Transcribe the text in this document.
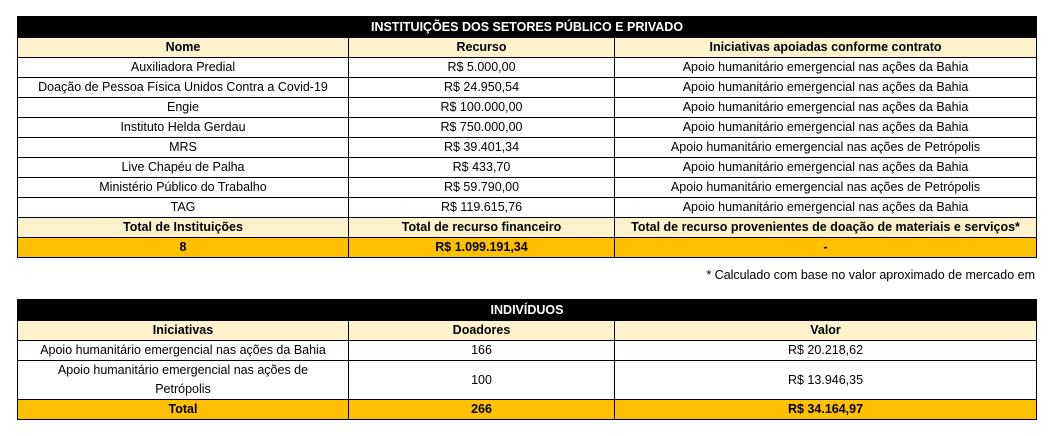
INSTITUIÇÕES DOS SETORES PÚBLICO E PRIVADO		
Nome	Recurso	Iniciativas apoiadas conforme contrato
Auxiliadora Predial	R$ 5.000,00	Apoio humanitário emergencial nas ações da Bahia
Doação de Pessoa Física Unidos Contra a Covid-19	R$ 24.950,54	Apoio humanitário emergencial nas ações da Bahia
Engie	R$ 100.000,00	Apoio humanitário emergencial nas ações da Bahia
Instituto Helda Gerdau	R$ 750.000,00	Apoio humanitário emergencial nas ações da Bahia
MRS	R$ 39.401,34	Apoio humanitário emergencial nas ações de Petrópolis
Live Chapéu de Palha	R$ 433,70	Apoio humanitário emergencial nas ações da Bahia
Ministério Público do Trabalho	R$ 59.790,00	Apoio humanitário emergencial nas ações de Petrópolis
TAG	R$ 119.615,76	Apoio humanitário emergencial nas ações da Bahia
Total de Instituições	Total de recurso financeiro	Total de recurso provenientes de doação de materiais e serviços*
8	R$ 1.099.191,34	-
* Calculado com base no valor aproximado de mercado em
INDIVÍDUOS		
Iniciativas	Doadores	Valor
Apoio humanitário emergencial nas ações da Bahia	166	R$ 20.218,62
Apoio humanitário emergencial nas ações de Petrópolis	100	R$ 13.946,35
Total	266	R$ 34.164,97
